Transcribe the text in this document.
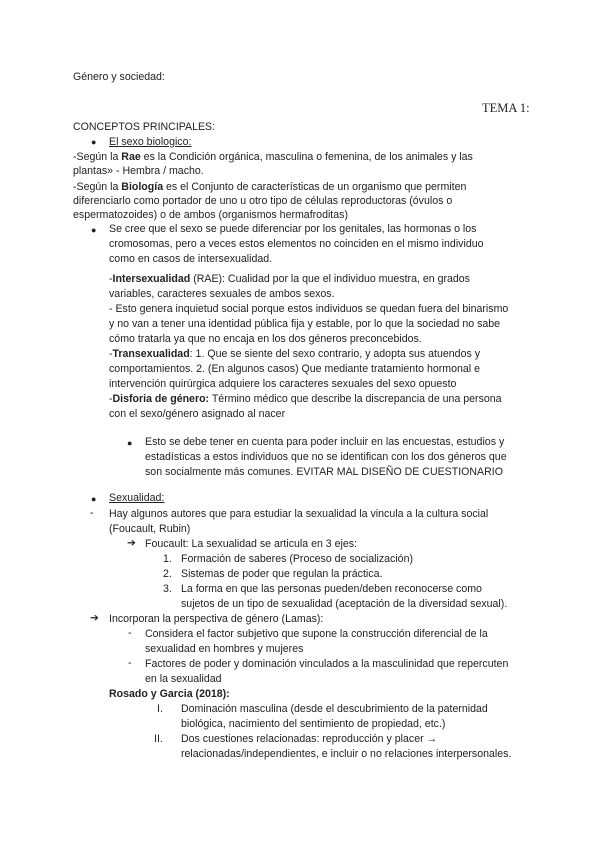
Género y sociedad:
TEMA 1:
CONCEPTOS PRINCIPALES:
● El sexo biologico:
-Según la Rae es la Condición orgánica, masculina o femenina, de los animales y las
plantas» - Hembra / macho.
-Según la Biología es el Conjunto de características de un organismo que permiten
diferenciarlo como portador de uno u otro tipo de células reproductoras (óvulos o
espermatozoides) o de ambos (organismos hermafroditas)
● Se cree que el sexo se puede diferenciar por los genitales, las hormonas o los
cromosomas, pero a veces estos elementos no coinciden en el mismo individuo
como en casos de intersexualidad.
-Intersexualidad (RAE): Cualidad por la que el individuo muestra, en grados
variables, caracteres sexuales de ambos sexos.
- Esto genera inquietud social porque estos individuos se quedan fuera del binarismo
y no van a tener una identidad pública fija y estable, por lo que la sociedad no sabe
cómo tratarla ya que no encaja en los dos géneros preconcebidos.
-Transexualidad: 1. Que se siente del sexo contrario, y adopta sus atuendos y
comportamientos. 2. (En algunos casos) Que mediante tratamiento hormonal e
intervención quirúrgica adquiere los caracteres sexuales del sexo opuesto
-Disforia de género: Término médico que describe la discrepancia de una persona
con el sexo/género asignado al nacer
● Esto se debe tener en cuenta para poder incluir en las encuestas, estudios y
estadísticas a estos individuos que no se identifican con los dos géneros que
son socialmente más comunes. EVITAR MAL DISEÑO DE CUESTIONARIO
● Sexualidad:
- Hay algunos autores que para estudiar la sexualidad la vincula a la cultura social
(Foucault, Rubin)
➔ Foucault: La sexualidad se articula en 3 ejes:
1. Formación de saberes (Proceso de socialización)
2. Sistemas de poder que regulan la práctica.
3. La forma en que las personas pueden/deben reconocerse como
sujetos de un tipo de sexualidad (aceptación de la diversidad sexual).
➔ Incorporan la perspectiva de género (Lamas):
- Considera el factor subjetivo que supone la construcción diferencial de la
sexualidad en hombres y mujeres
- Factores de poder y dominación vinculados a la masculinidad que repercuten
en la sexualidad
Rosado y Garcia (2018):
I. Dominación masculina (desde el descubrimiento de la paternidad
biológica, nacimiento del sentimiento de propiedad, etc.)
II. Dos cuestiones relacionadas: reproducción y placer →
relacionadas/independientes, e incluir o no relaciones interpersonales.
